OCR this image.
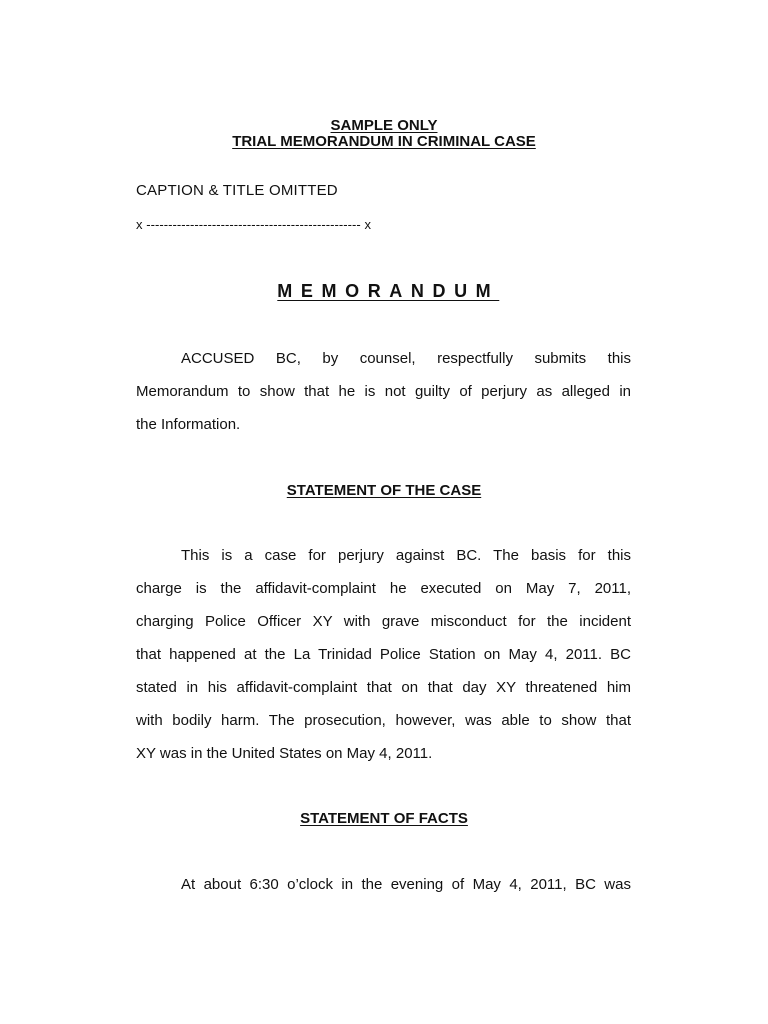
SAMPLE ONLY
TRIAL MEMORANDUM IN CRIMINAL CASE
CAPTION & TITLE OMITTED
x ------------------------------------------------- x
MEMORANDUM
ACCUSED BC, by counsel, respectfully submits this
Memorandum to show that he is not guilty of perjury as alleged in
the Information.
STATEMENT OF THE CASE
This is a case for perjury against BC. The basis for this
charge is the affidavit-complaint he executed on May 7, 2011,
charging Police Officer XY with grave misconduct for the incident
that happened at the La Trinidad Police Station on May 4, 2011. BC
stated in his affidavit-complaint that on that day XY threatened him
with bodily harm. The prosecution, however, was able to show that
XY was in the United States on May 4, 2011.
STATEMENT OF FACTS
At about 6:30 o’clock in the evening of May 4, 2011, BC was
